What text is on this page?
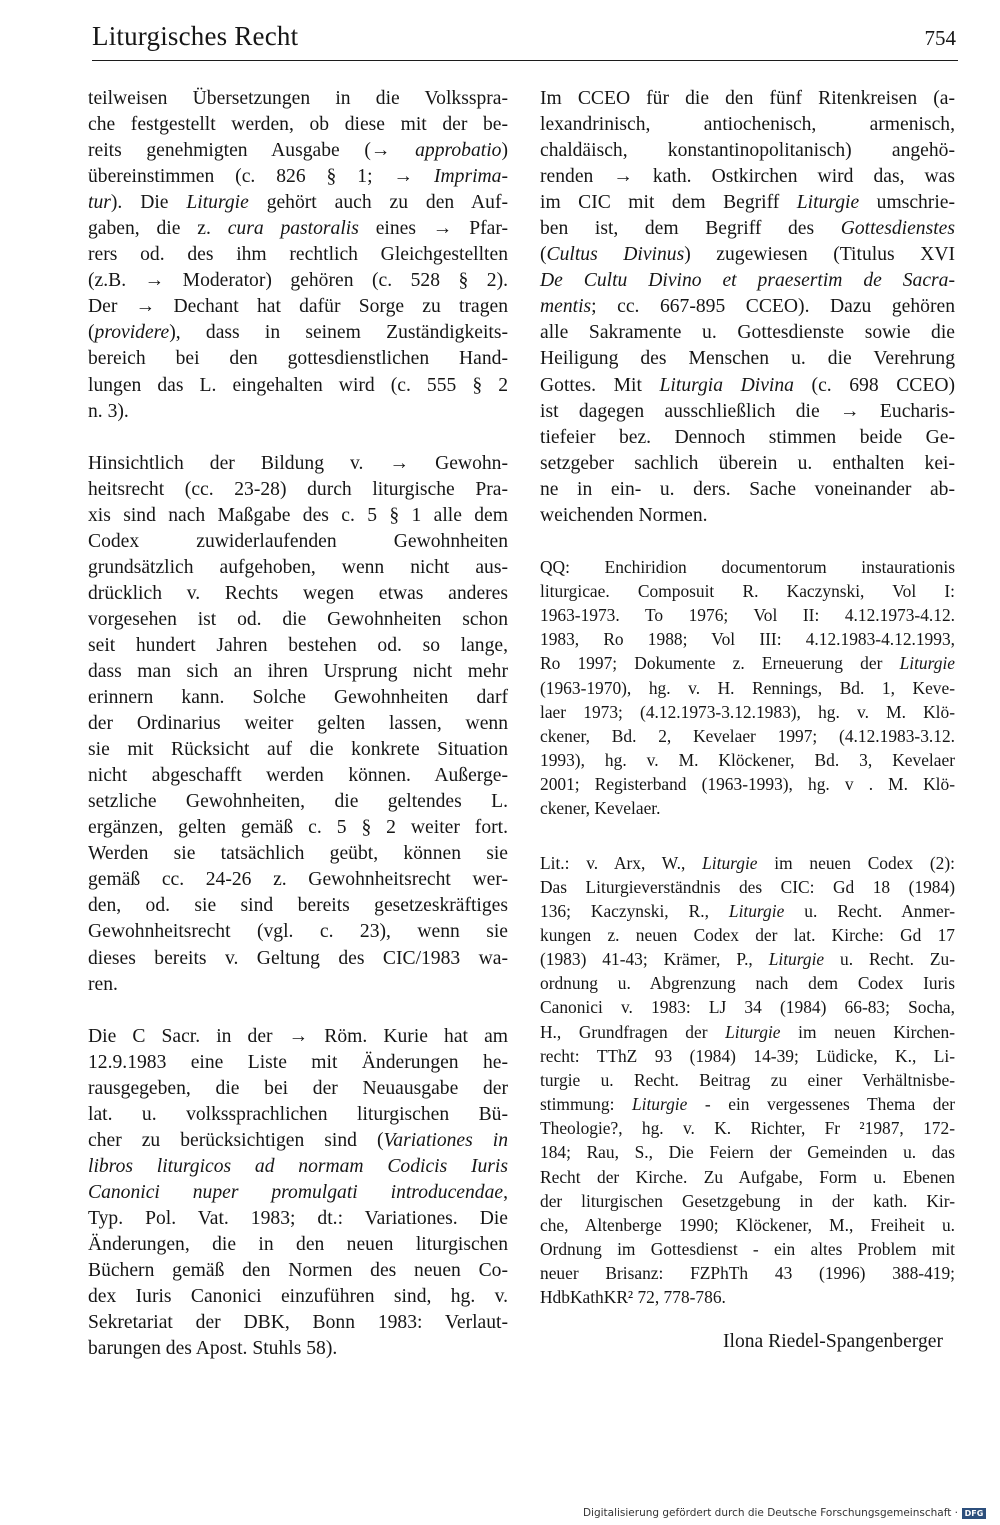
Liturgisches Recht	754
teilweisen Übersetzungen in die Volksspra-
che festgestellt werden, ob diese mit der be-
reits genehmigten Ausgabe (→ approbatio)
übereinstimmen (c. 826 § 1; → Imprima-
tur). Die Liturgie gehört auch zu den Auf-
gaben, die z. cura pastoralis eines → Pfar-
rers od. des ihm rechtlich Gleichgestellten
(z.B. → Moderator) gehören (c. 528 § 2).
Der → Dechant hat dafür Sorge zu tragen
(providere), dass in seinem Zuständigkeits-
bereich bei den gottesdienstlichen Hand-
lungen das L. eingehalten wird (c. 555 § 2
n. 3).
Hinsichtlich der Bildung v. → Gewohn-
heitsrecht (cc. 23-28) durch liturgische Pra-
xis sind nach Maßgabe des c. 5 § 1 alle dem
Codex zuwiderlaufenden Gewohnheiten
grundsätzlich aufgehoben, wenn nicht aus-
drücklich v. Rechts wegen etwas anderes
vorgesehen ist od. die Gewohnheiten schon
seit hundert Jahren bestehen od. so lange,
dass man sich an ihren Ursprung nicht mehr
erinnern kann. Solche Gewohnheiten darf
der Ordinarius weiter gelten lassen, wenn
sie mit Rücksicht auf die konkrete Situation
nicht abgeschafft werden können. Außerge-
setzliche Gewohnheiten, die geltendes L.
ergänzen, gelten gemäß c. 5 § 2 weiter fort.
Werden sie tatsächlich geübt, können sie
gemäß cc. 24-26 z. Gewohnheitsrecht wer-
den, od. sie sind bereits gesetzeskräftiges
Gewohnheitsrecht (vgl. c. 23), wenn sie
dieses bereits v. Geltung des CIC/1983 wa-
ren.
Die C Sacr. in der → Röm. Kurie hat am
12.9.1983 eine Liste mit Änderungen he-
rausgegeben, die bei der Neuausgabe der
lat. u. volkssprachlichen liturgischen Bü-
cher zu berücksichtigen sind (Variationes in
libros liturgicos ad normam Codicis Iuris
Canonici nuper promulgati introducendae,
Typ. Pol. Vat. 1983; dt.: Variationes. Die
Änderungen, die in den neuen liturgischen
Büchern gemäß den Normen des neuen Co-
dex Iuris Canonici einzuführen sind, hg. v.
Sekretariat der DBK, Bonn 1983: Verlaut-
barungen des Apost. Stuhls 58).
Im CCEO für die den fünf Ritenkreisen (a-
lexandrinisch, antiochenisch, armenisch,
chaldäisch, konstantinopolitanisch) angehö-
renden → kath. Ostkirchen wird das, was
im CIC mit dem Begriff Liturgie umschrie-
ben ist, dem Begriff des Gottesdienstes
(Cultus Divinus) zugewiesen (Titulus XVI
De Cultu Divino et praesertim de Sacra-
mentis; cc. 667-895 CCEO). Dazu gehören
alle Sakramente u. Gottesdienste sowie die
Heiligung des Menschen u. die Verehrung
Gottes. Mit Liturgia Divina (c. 698 CCEO)
ist dagegen ausschließlich die → Eucharis-
tiefeier bez. Dennoch stimmen beide Ge-
setzgeber sachlich überein u. enthalten kei-
ne in ein- u. ders. Sache voneinander ab-
weichenden Normen.
QQ: Enchiridion documentorum instaurationis
liturgicae. Composuit R. Kaczynski, Vol I:
1963-1973. To 1976; Vol II: 4.12.1973-4.12.
1983, Ro 1988; Vol III: 4.12.1983-4.12.1993,
Ro 1997; Dokumente z. Erneuerung der Liturgie
(1963-1970), hg. v. H. Rennings, Bd. 1, Keve-
laer 1973; (4.12.1973-3.12.1983), hg. v. M. Klö-
ckener, Bd. 2, Kevelaer 1997; (4.12.1983-3.12.
1993), hg. v. M. Klöckener, Bd. 3, Kevelaer
2001; Registerband (1963-1993), hg. v . M. Klö-
ckener, Kevelaer.
Lit.: v. Arx, W., Liturgie im neuen Codex (2):
Das Liturgieverständnis des CIC: Gd 18 (1984)
136; Kaczynski, R., Liturgie u. Recht. Anmer-
kungen z. neuen Codex der lat. Kirche: Gd 17
(1983) 41-43; Krämer, P., Liturgie u. Recht. Zu-
ordnung u. Abgrenzung nach dem Codex Iuris
Canonici v. 1983: LJ 34 (1984) 66-83; Socha,
H., Grundfragen der Liturgie im neuen Kirchen-
recht: TThZ 93 (1984) 14-39; Lüdicke, K., Li-
turgie u. Recht. Beitrag zu einer Verhältnisbe-
stimmung: Liturgie - ein vergessenes Thema der
Theologie?, hg. v. K. Richter, Fr ²1987, 172-
184; Rau, S., Die Feiern der Gemeinden u. das
Recht der Kirche. Zu Aufgabe, Form u. Ebenen
der liturgischen Gesetzgebung in der kath. Kir-
che, Altenberge 1990; Klöckener, M., Freiheit u.
Ordnung im Gottesdienst - ein altes Problem mit
neuer Brisanz: FZPhTh 43 (1996) 388-419;
HdbKathKR² 72, 778-786.
Ilona Riedel-Spangenberger
Digitalisierung gefördert durch die Deutsche Forschungsgemeinschaft · DFG
